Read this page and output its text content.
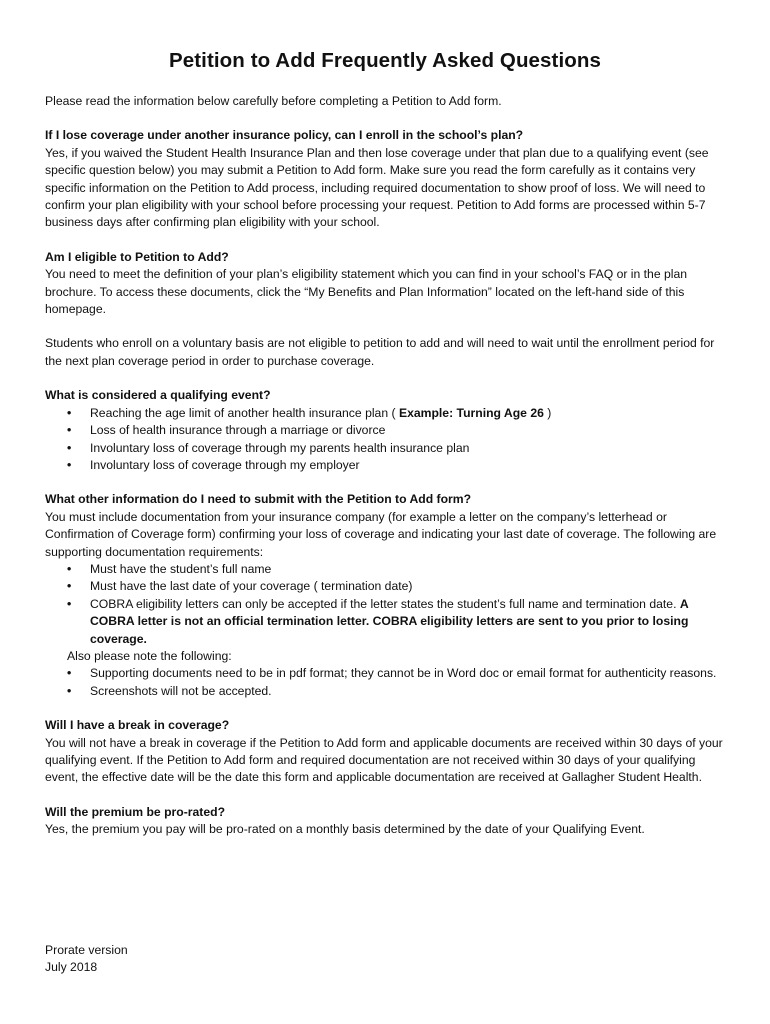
Petition to Add Frequently Asked Questions

Please read the information below carefully before completing a Petition to Add form.

If I lose coverage under another insurance policy, can I enroll in the school’s plan?

Yes, if you waived the Student Health Insurance Plan and then lose coverage under that plan due to a qualifying event (see specific question below) you may submit a Petition to Add form. Make sure you read the form carefully as it contains very specific information on the Petition to Add process, including required documentation to show proof of loss. We will need to confirm your plan eligibility with your school before processing your request. Petition to Add forms are processed within 5-7 business days after confirming plan eligibility with your school.

Am I eligible to Petition to Add?

You need to meet the definition of your plan’s eligibility statement which you can find in your school’s FAQ or in the plan brochure. To access these documents, click the “My Benefits and Plan Information” located on the left-hand side of this homepage.

Students who enroll on a voluntary basis are not eligible to petition to add and will need to wait until the enrollment period for the next plan coverage period in order to purchase coverage.

What is considered a qualifying event?

• Reaching the age limit of another health insurance plan ( Example: Turning Age 26 )
• Loss of health insurance through a marriage or divorce
• Involuntary loss of coverage through my parents health insurance plan
• Involuntary loss of coverage through my employer

What other information do I need to submit with the Petition to Add form?

You must include documentation from your insurance company (for example a letter on the company’s letterhead or Confirmation of Coverage form) confirming your loss of coverage and indicating your last date of coverage. The following are supporting documentation requirements:

• Must have the student’s full name
• Must have the last date of your coverage ( termination date)
• COBRA eligibility letters can only be accepted if the letter states the student’s full name and termination date. A COBRA letter is not an official termination letter. COBRA eligibility letters are sent to you prior to losing coverage.

Also please note the following:

• Supporting documents need to be in pdf format; they cannot be in Word doc or email format for authenticity reasons.
• Screenshots will not be accepted.

Will I have a break in coverage?

You will not have a break in coverage if the Petition to Add form and applicable documents are received within 30 days of your qualifying event. If the Petition to Add form and required documentation are not received within 30 days of your qualifying event, the effective date will be the date this form and applicable documentation are received at Gallagher Student Health.

Will the premium be pro-rated?

Yes, the premium you pay will be pro-rated on a monthly basis determined by the date of your Qualifying Event.

Prorate version
July 2018
